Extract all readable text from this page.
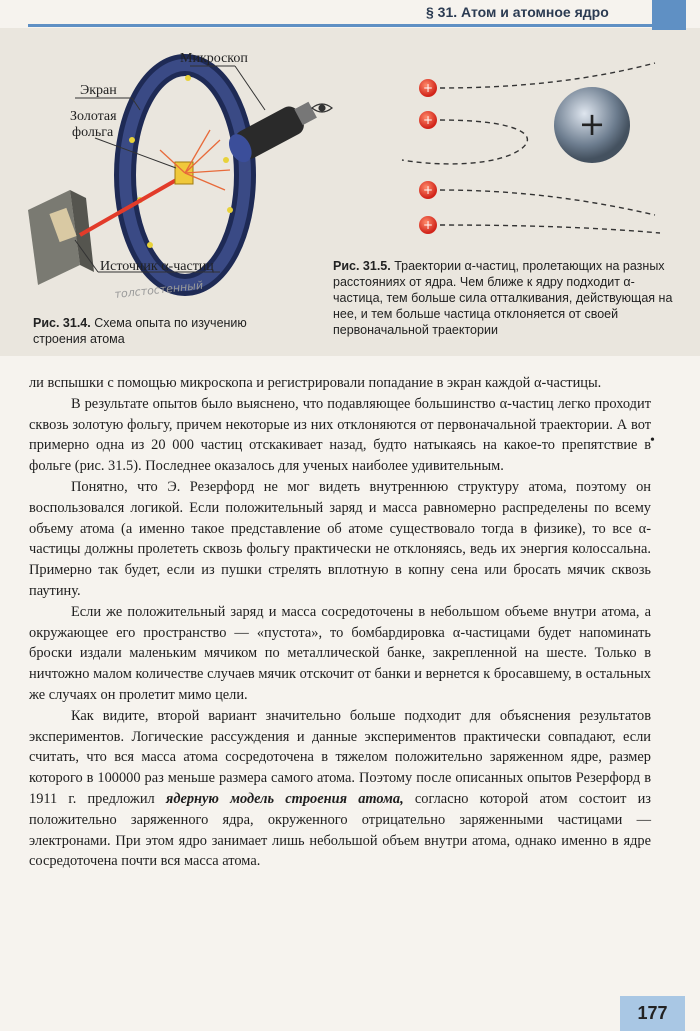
§ 31. Атом и атомное ядро
Микроскоп
Экран
Золотая
фольга
Источник α-частиц
толстостенный
Рис. 31.4. Схема опыта по изучению строения атома
+
+
+
+
+
Рис. 31.5. Траектории α-частиц, пролетающих на разных расстояниях от ядра. Чем ближе к ядру подходит α-частица, тем больше сила отталкивания, действующая на нее, и тем больше частица отклоняется от своей первоначальной траектории

ли вспышки с помощью микроскопа и регистрировали попадание в экран каждой α-частицы.

В результате опытов было выяснено, что подавляющее большинство α-частиц легко проходит сквозь золотую фольгу, причем некоторые из них отклоняются от первоначальной траектории. А вот примерно одна из 20 000 частиц отскакивает назад, будто натыкаясь на какое-то препятствие в фольге (рис. 31.5). Последнее оказалось для ученых наиболее удивительным.

Понятно, что Э. Резерфорд не мог видеть внутреннюю структуру атома, поэтому он воспользовался логикой. Если положительный заряд и масса равномерно распределены по всему объему атома (а именно такое представление об атоме существовало тогда в физике), то все α-частицы должны пролететь сквозь фольгу практически не отклоняясь, ведь их энергия колоссальна. Примерно так будет, если из пушки стрелять вплотную в копну сена или бросать мячик сквозь паутину.

Если же положительный заряд и масса сосредоточены в небольшом объеме внутри атома, а окружающее его пространство — «пустота», то бомбардировка α-частицами будет напоминать броски издали маленьким мячиком по металлической банке, закрепленной на шесте. Только в ничтожно малом количестве случаев мячик отскочит от банки и вернется к бросавшему, в остальных же случаях он пролетит мимо цели.

Как видите, второй вариант значительно больше подходит для объяснения результатов экспериментов. Логические рассуждения и данные экспериментов практически совпадают, если считать, что вся масса атома сосредоточена в тяжелом положительно заряженном ядре, размер которого в 100000 раз меньше размера самого атома. Поэтому после описанных опытов Резерфорд в 1911 г. предложил ядерную модель строения атома, согласно которой атом состоит из положительно заряженного ядра, окруженного отрицательно заряженными частицами — электронами. При этом ядро занимает лишь небольшой объем внутри атома, однако именно в ядре сосредоточена почти вся масса атома.

•
177
